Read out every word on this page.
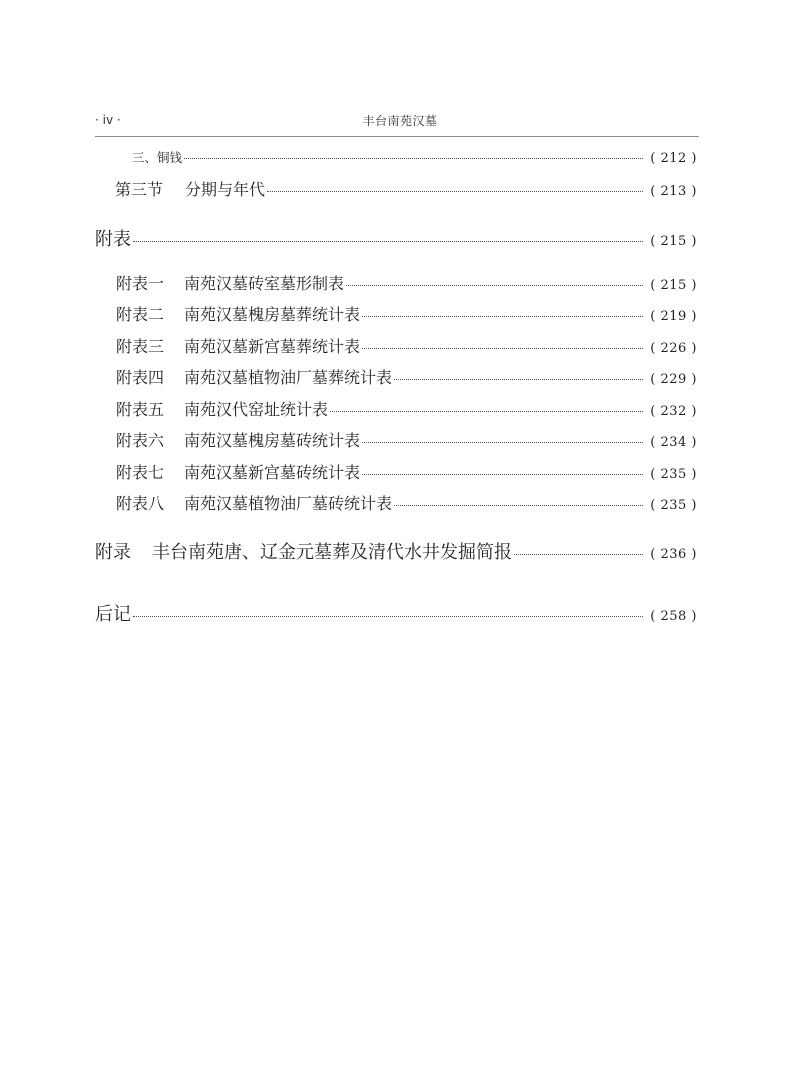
· iv ·	丰台南苑汉墓
三、铜钱	( 212 )
第三节 分期与年代	( 213 )
附表	( 215 )
附表一 南苑汉墓砖室墓形制表	( 215 )
附表二 南苑汉墓槐房墓葬统计表	( 219 )
附表三 南苑汉墓新宫墓葬统计表	( 226 )
附表四 南苑汉墓植物油厂墓葬统计表	( 229 )
附表五 南苑汉代窑址统计表	( 232 )
附表六 南苑汉墓槐房墓砖统计表	( 234 )
附表七 南苑汉墓新宫墓砖统计表	( 235 )
附表八 南苑汉墓植物油厂墓砖统计表	( 235 )
附录 丰台南苑唐、辽金元墓葬及清代水井发掘简报	( 236 )
后记	( 258 )
